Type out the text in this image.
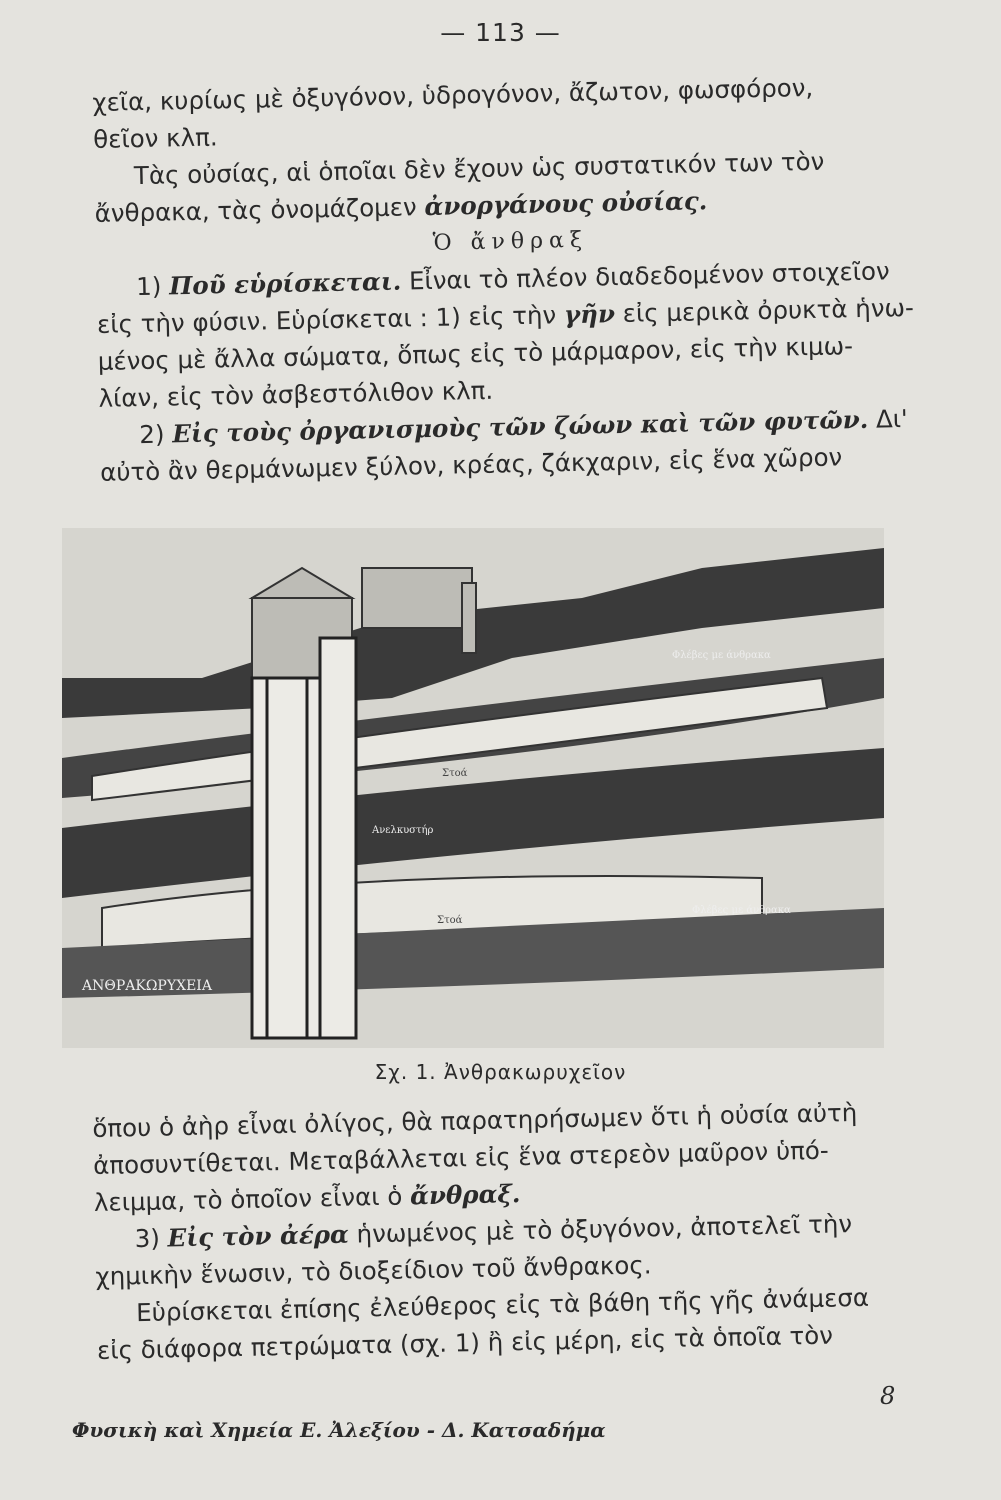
— 113 —

χεῖα, κυρίως μὲ ὀξυγόνον, ὑδρογόνον, ἄζωτον, φωσφόρον,

θεῖον κλπ.

Τὰς οὐσίας, αἱ ὁποῖαι δὲν ἔχουν ὡς συστατικόν των τὸν

ἄνθρακα, τὰς ὀνομάζομεν ἀνοργάνους οὐσίας.

Ὁ ἄνθραξ

1) Ποῦ εὑρίσκεται. Εἶναι τὸ πλέον διαδεδομένον στοιχεῖον

εἰς τὴν φύσιν. Εὑρίσκεται : 1) εἰς τὴν γῆν εἰς μερικὰ ὀρυκτὰ ἡνω-

μένος μὲ ἄλλα σώματα, ὅπως εἰς τὸ μάρμαρον, εἰς τὴν κιμω-

λίαν, εἰς τὸν ἀσβεστόλιθον κλπ.

2) Εἰς τοὺς ὀργανισμοὺς τῶν ζώων καὶ τῶν φυτῶν. Δι'

αὐτὸ ἂν θερμάνωμεν ξύλον, κρέας, ζάκχαριν, εἰς ἕνα χῶρον

ΑΝΘΡΑΚΩΡΥΧΕΙΑ
Φλέβες με άνθρακα
Στοά
Ανελκυστήρ
Στοά
Φλέβες με άνθρακα
Σχ. 1. Ἀνθρακωρυχεῖον

ὅπου ὁ ἀὴρ εἶναι ὀλίγος, θὰ παρατηρήσωμεν ὅτι ἡ οὐσία αὐτὴ

ἀποσυντίθεται. Μεταβάλλεται εἰς ἕνα στερεὸν μαῦρον ὑπό-

λειμμα, τὸ ὁποῖον εἶναι ὁ ἄνθραξ.

3) Εἰς τὸν ἀέρα ἡνωμένος μὲ τὸ ὀξυγόνον, ἀποτελεῖ τὴν

χημικὴν ἕνωσιν, τὸ διοξείδιον τοῦ ἄνθρακος.

Εὑρίσκεται ἐπίσης ἐλεύθερος εἰς τὰ βάθη τῆς γῆς ἀνάμεσα

εἰς διάφορα πετρώματα (σχ. 1) ἢ εἰς μέρη, εἰς τὰ ὁποῖα τὸν

8
Φυσικὴ καὶ Χημεία Ε. Ἀλεξίου - Δ. Κατσαδήμα
